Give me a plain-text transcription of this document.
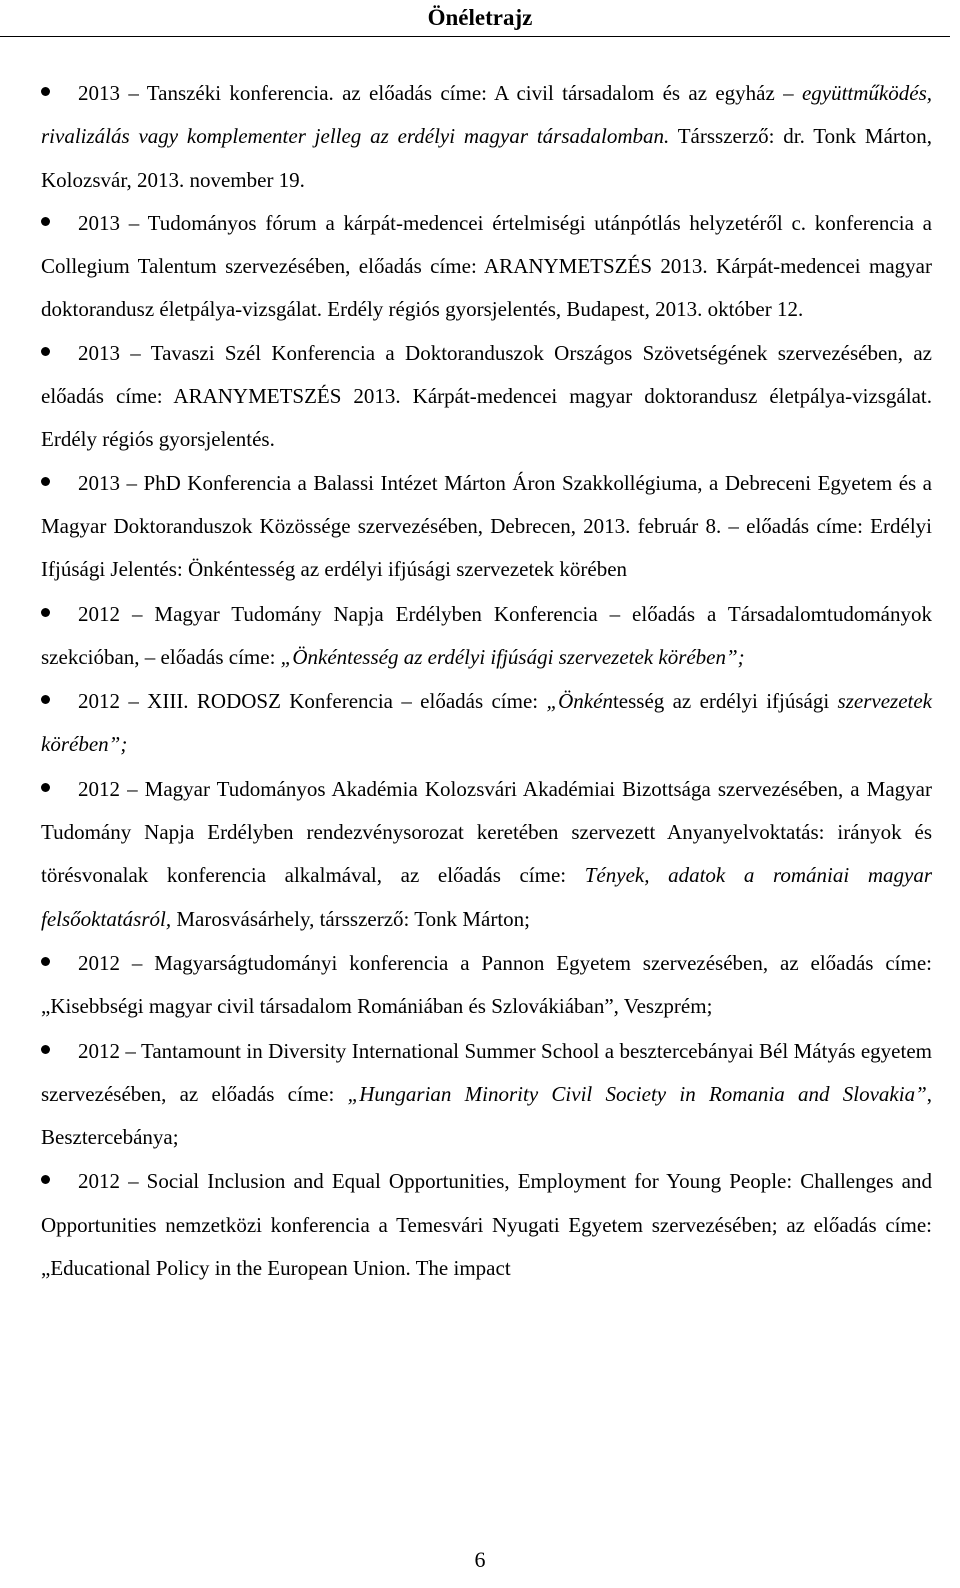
Önéletrajz

2013 – Tanszéki konferencia. az előadás címe: A civil társadalom és az egyház – együttműködés, rivalizálás vagy komplementer jelleg az erdélyi magyar társadalomban. Társszerző: dr. Tonk Márton, Kolozsvár, 2013. november 19.

2013 – Tudományos fórum a kárpát-medencei értelmiségi utánpótlás helyzetéről c. konferencia a Collegium Talentum szervezésében, előadás címe: ARANYMETSZÉS 2013. Kárpát-medencei magyar doktorandusz életpálya-vizsgálat. Erdély régiós gyorsjelentés, Budapest, 2013. október 12.

2013 – Tavaszi Szél Konferencia a Doktoranduszok Országos Szövetségének szervezésében, az előadás címe: ARANYMETSZÉS 2013. Kárpát-medencei magyar doktorandusz életpálya-vizsgálat. Erdély régiós gyorsjelentés.

2013 – PhD Konferencia a Balassi Intézet Márton Áron Szakkollégiuma, a Debreceni Egyetem és a Magyar Doktoranduszok Közössége szervezésében, Debrecen, 2013. február 8. – előadás címe: Erdélyi Ifjúsági Jelentés: Önkéntesség az erdélyi ifjúsági szervezetek körében

2012 – Magyar Tudomány Napja Erdélyben Konferencia – előadás a Társadalomtudományok szekcióban, – előadás címe: „Önkéntesség az erdélyi ifjúsági szervezetek körében”;

2012 – XIII. RODOSZ Konferencia – előadás címe: „Önkéntesség az erdélyi ifjúsági szervezetek körében”;

2012 – Magyar Tudományos Akadémia Kolozsvári Akadémiai Bizottsága szervezésében, a Magyar Tudomány Napja Erdélyben rendezvénysorozat keretében szervezett Anyanyelvoktatás: irányok és törésvonalak konferencia alkalmával, az előadás címe: Tények, adatok a romániai magyar felsőoktatásról, Marosvásárhely, társszerző: Tonk Márton;

2012 – Magyarságtudományi konferencia a Pannon Egyetem szervezésében, az előadás címe: „Kisebbségi magyar civil társadalom Romániában és Szlovákiában”, Veszprém;

2012 – Tantamount in Diversity International Summer School a besztercebányai Bél Mátyás egyetem szervezésében, az előadás címe: „Hungarian Minority Civil Society in Romania and Slovakia”, Besztercebánya;

2012 – Social Inclusion and Equal Opportunities, Employment for Young People: Challenges and Opportunities nemzetközi konferencia a Temesvári Nyugati Egyetem szervezésében; az előadás címe: „Educational Policy in the European Union. The impact

6
